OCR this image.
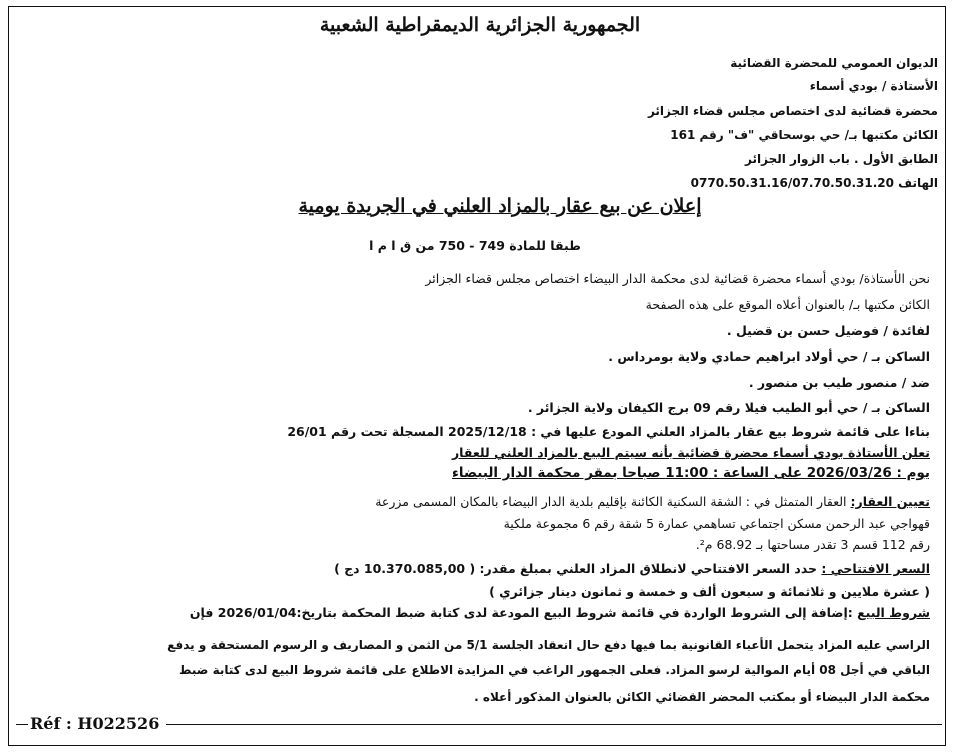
الجمهورية الجزائرية الديمقراطية الشعبية
الديوان العمومي للمحضرة القضائية
الأستاذة / بودي أسماء
محضرة قضائية لدى اختصاص مجلس قضاء الجزائر
الكائن مكتبها بـ/ حي بوسحاقي "ف" رقم 161
الطابق الأول . باب الزوار الجزائر
الهاتف 0770.50.31.16/07.70.50.31.20
إعلان عن بيع عقار بالمزاد العلني في الجريدة يومية
طبقا للمادة 749 - 750 من ق ا م ا
نحن الأستاذة/ بودي أسماء محضرة قضائية لدى محكمة الدار البيضاء اختصاص مجلس قضاء الجزائر
الكائن مكتبها بـ/ بالعنوان أعلاه الموقع على هذه الصفحة
لفائدة / فوضيل حسن بن قضيل .
الساكن بـ / حي أولاد ابراهيم حمادي ولاية بومرداس .
ضد / منصور طيب بن منصور .
الساكن بـ / حي أبو الطيب فيلا رقم 09 برج الكيفان ولاية الجزائر .
بناءا على قائمة شروط بيع عقار بالمزاد العلني المودع عليها في : 2025/12/18 المسجلة تحت رقم 26/01
تعلن الأستاذة بودي أسماء محضرة قضائية بأنه سيتم البيع بالمزاد العلني للعقار
يوم : 2026/03/26 على الساعة : 11:00 صباحا بمقر محكمة الدار البيضاء
تعيين العقار: العقار المتمثل في : الشقة السكنية الكائنة بإقليم بلدية الدار البيضاء بالمكان المسمى مزرعة
قهواجي عبد الرحمن مسكن اجتماعي تساهمي عمارة 5 شقة رقم 6 مجموعة ملكية
رقم 112 قسم 3 تقدر مساحتها بـ 68.92 م².
السعر الافتتاحي : حدد السعر الافتتاحي لانطلاق المزاد العلني بمبلغ مقدر: ( 10.370.085,00 دج )
( عشرة ملايين و ثلاثمائة و سبعون ألف و خمسة و ثمانون دينار جزائري )
شروط البيع :إضافة إلى الشروط الواردة في قائمة شروط البيع المودعة لدى كتابة ضبط المحكمة بتاريخ:2026/01/04 فإن
الراسي عليه المزاد يتحمل الأعباء القانونية بما فيها دفع حال انعقاد الجلسة 5/1 من الثمن و المصاريف و الرسوم المستحقة و يدفع
الباقي في أجل 08 أيام الموالية لرسو المزاد. فعلى الجمهور الراغب في المزايدة الاطلاع على قائمة شروط البيع لدى كتابة ضبط
محكمة الدار البيضاء أو بمكتب المحضر القضائي الكائن بالعنوان المذكور أعلاه .
Réf : H022526
